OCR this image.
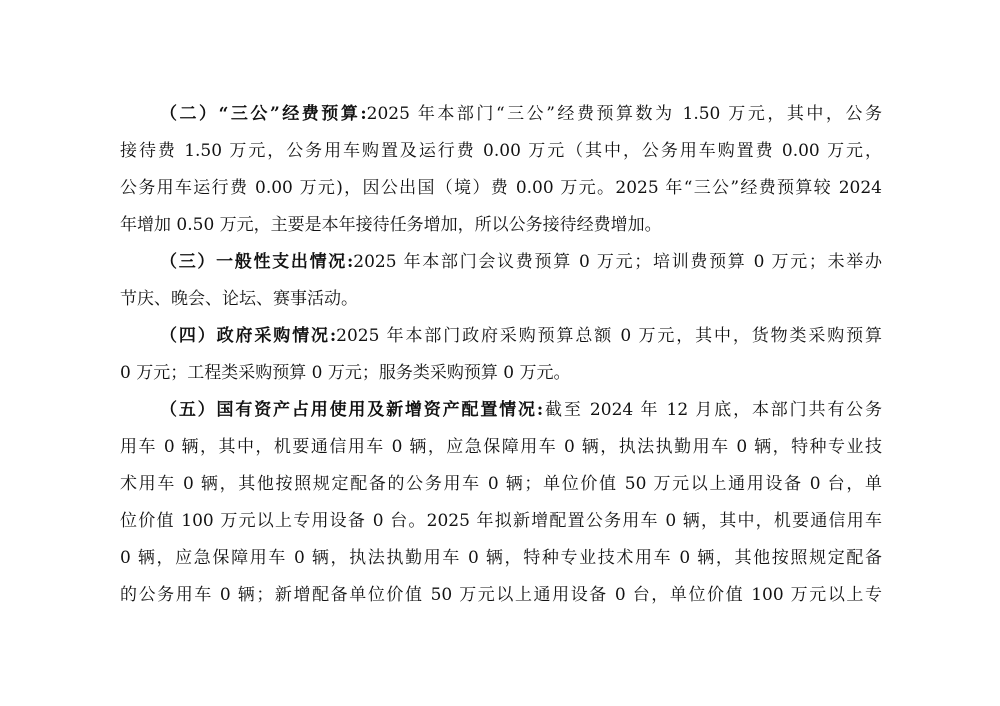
（二）“三公”经费预算:2025 年本部门“三公”经费预算数为 1.50 万元，其中，公务
接待费 1.50 万元，公务用车购置及运行费 0.00 万元（其中，公务用车购置费 0.00 万元，
公务用车运行费 0.00 万元)，因公出国（境）费 0.00 万元。2025 年“三公”经费预算较 2024
年增加 0.50 万元，主要是本年接待任务增加，所以公务接待经费增加。
（三）一般性支出情况:2025 年本部门会议费预算 0 万元；培训费预算 0 万元；未举办
节庆、晚会、论坛、赛事活动。
（四）政府采购情况:2025 年本部门政府采购预算总额 0 万元，其中，货物类采购预算
0 万元；工程类采购预算 0 万元；服务类采购预算 0 万元。
（五）国有资产占用使用及新增资产配置情况:截至 2024 年 12 月底，本部门共有公务
用车 0 辆，其中，机要通信用车 0 辆，应急保障用车 0 辆，执法执勤用车 0 辆，特种专业技
术用车 0 辆，其他按照规定配备的公务用车 0 辆；单位价值 50 万元以上通用设备 0 台，单
位价值 100 万元以上专用设备 0 台。2025 年拟新增配置公务用车 0 辆，其中，机要通信用车
0 辆，应急保障用车 0 辆，执法执勤用车 0 辆，特种专业技术用车 0 辆，其他按照规定配备
的公务用车 0 辆；新增配备单位价值 50 万元以上通用设备 0 台，单位价值 100 万元以上专
